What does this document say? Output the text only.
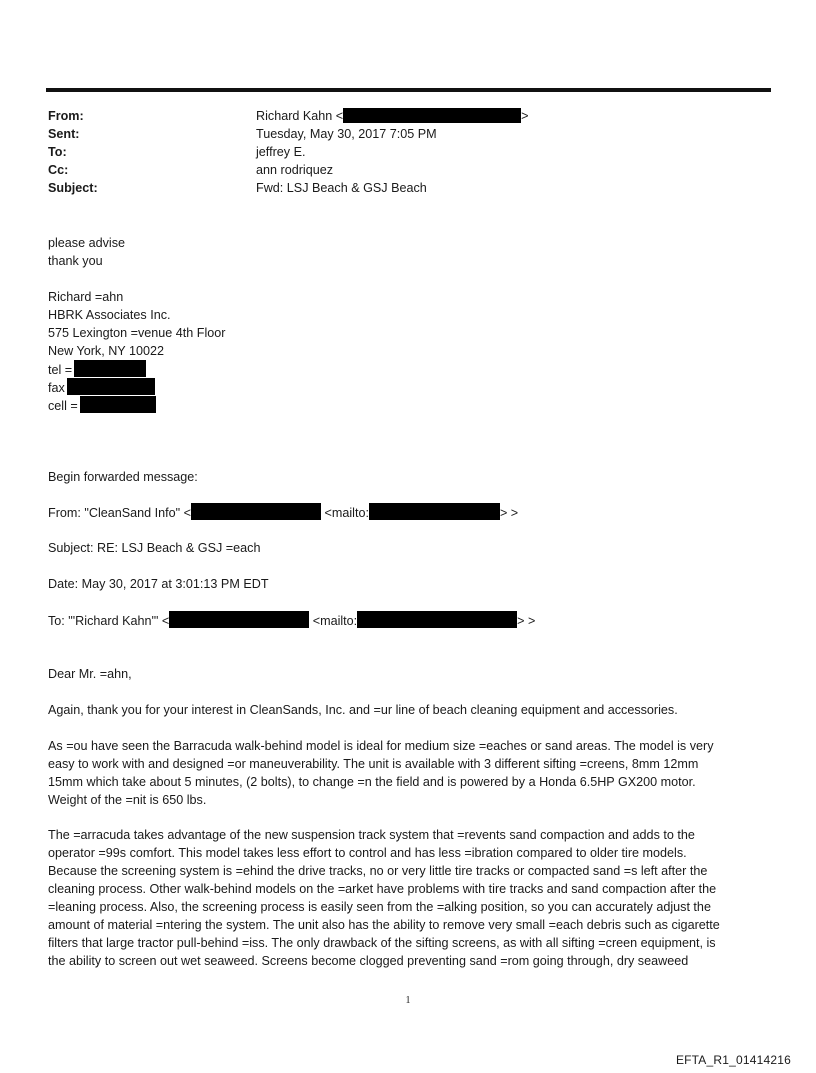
From:	Richard Kahn <	>
Sent:	Tuesday, May 30, 2017 7:05 PM
To:	jeffrey E.
Cc:	ann rodriquez
Subject:	Fwd: LSJ Beach & GSJ Beach
please advise
thank you
Richard =ahn
HBRK Associates Inc.
575 Lexington =venue 4th Floor
New York, NY 10022
tel =
fax
cell =
Begin forwarded message:
From: "CleanSand Info" <	<mailto:	> >
Subject: RE: LSJ Beach & GSJ =each
Date: May 30, 2017 at 3:01:13 PM EDT
To: "'Richard Kahn'" <	<mailto:	> >
Dear Mr. =ahn,
Again, thank you for your interest in CleanSands, Inc. and =ur line of beach cleaning equipment and accessories.
As =ou have seen the Barracuda walk-behind model is ideal for medium size =eaches or sand areas. The model is very
easy to work with and designed =or maneuverability. The unit is available with 3 different sifting =creens, 8mm 12mm
15mm which take about 5 minutes, (2 bolts), to change =n the field and is powered by a Honda 6.5HP GX200 motor.
Weight of the =nit is 650 lbs.
The =arracuda takes advantage of the new suspension track system that =revents sand compaction and adds to the
operator =99s comfort. This model takes less effort to control and has less =ibration compared to older tire models.
Because the screening system is =ehind the drive tracks, no or very little tire tracks or compacted sand =s left after the
cleaning process. Other walk-behind models on the =arket have problems with tire tracks and sand compaction after the
=leaning process. Also, the screening process is easily seen from the =alking position, so you can accurately adjust the
amount of material =ntering the system. The unit also has the ability to remove very small =each debris such as cigarette
filters that large tractor pull-behind =iss. The only drawback of the sifting screens, as with all sifting =creen equipment, is
the ability to screen out wet seaweed. Screens become clogged preventing sand =rom going through, dry seaweed
1
EFTA_R1_01414216
